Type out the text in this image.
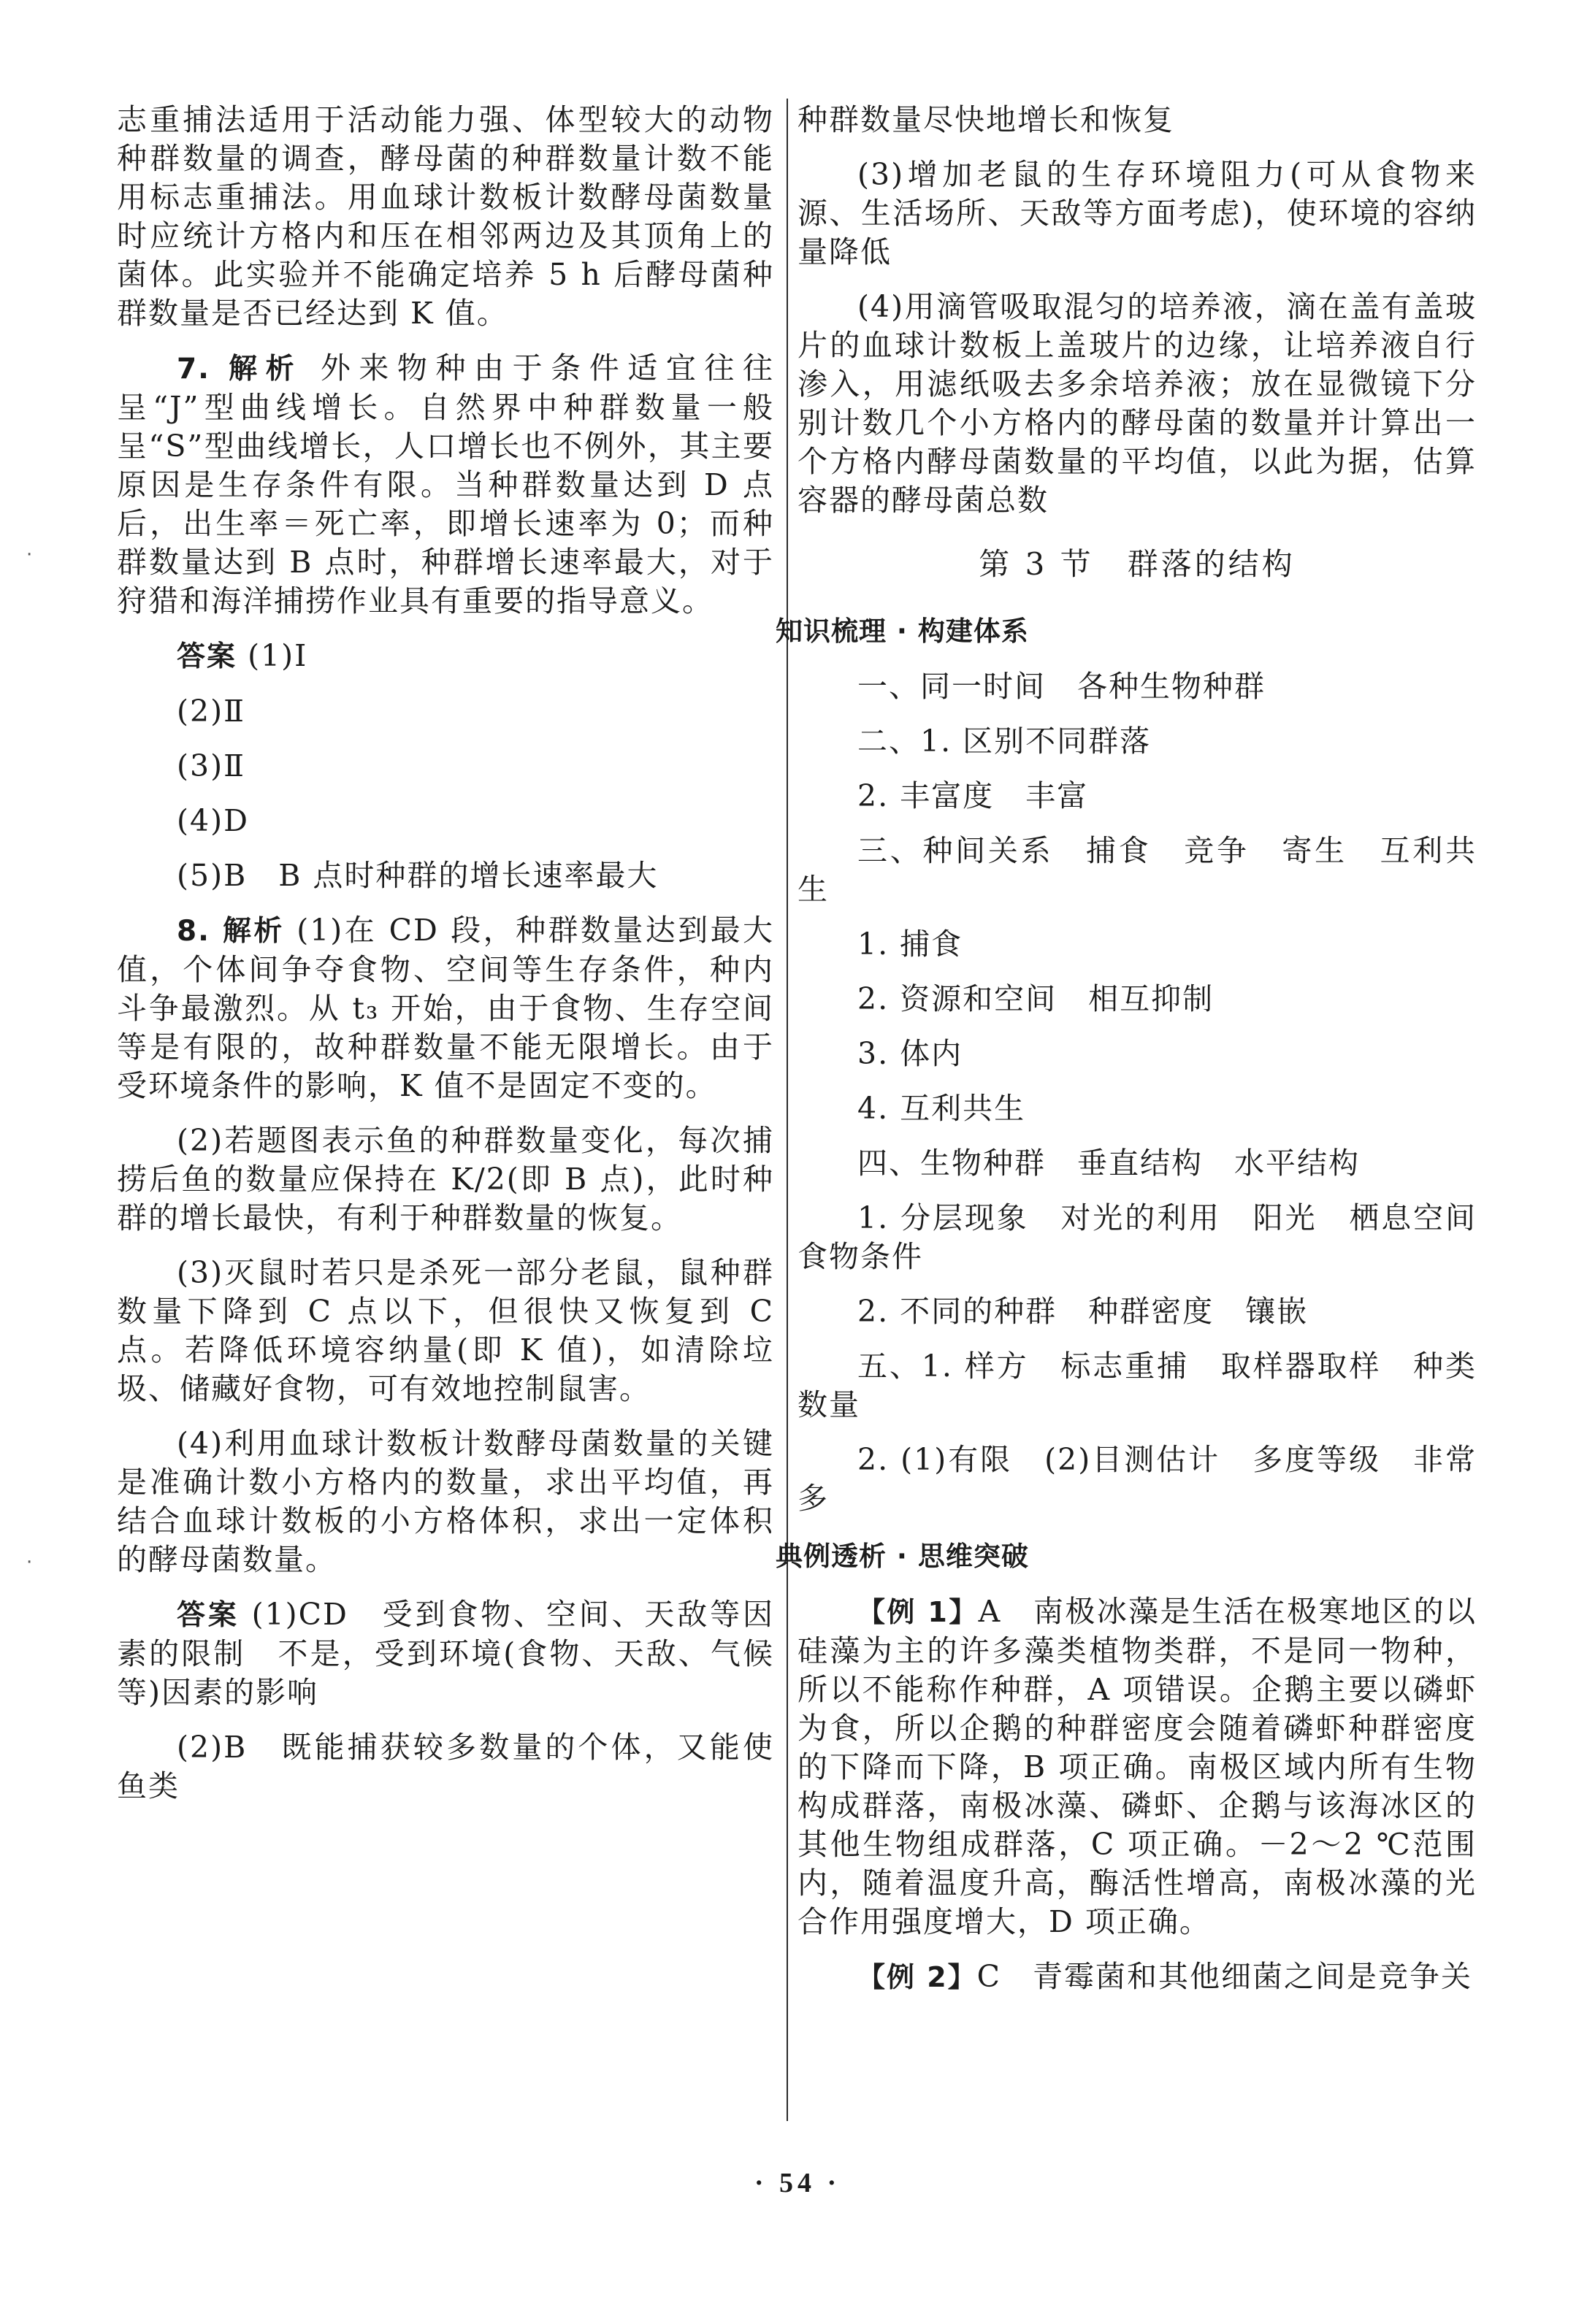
·
·

志重捕法适用于活动能力强、体型较大的动物种群数量的调查，酵母菌的种群数量计数不能用标志重捕法。用血球计数板计数酵母菌数量时应统计方格内和压在相邻两边及其顶角上的菌体。此实验并不能确定培养 5 h 后酵母菌种群数量是否已经达到 K 值。

7. 解析 外来物种由于条件适宜往往呈“J”型曲线增长。自然界中种群数量一般呈“S”型曲线增长，人口增长也不例外，其主要原因是生存条件有限。当种群数量达到 D 点后，出生率＝死亡率，即增长速率为 0；而种群数量达到 B 点时，种群增长速率最大，对于狩猎和海洋捕捞作业具有重要的指导意义。

答案 (1)Ⅰ

(2)Ⅱ

(3)Ⅱ

(4)D

(5)B　B 点时种群的增长速率最大

8. 解析 (1)在 CD 段，种群数量达到最大值，个体间争夺食物、空间等生存条件，种内斗争最激烈。从 t₃ 开始，由于食物、生存空间等是有限的，故种群数量不能无限增长。由于受环境条件的影响，K 值不是固定不变的。

(2)若题图表示鱼的种群数量变化，每次捕捞后鱼的数量应保持在 K/2(即 B 点)，此时种群的增长最快，有利于种群数量的恢复。

(3)灭鼠时若只是杀死一部分老鼠，鼠种群数量下降到 C 点以下，但很快又恢复到 C 点。若降低环境容纳量(即 K 值)，如清除垃圾、储藏好食物，可有效地控制鼠害。

(4)利用血球计数板计数酵母菌数量的关键是准确计数小方格内的数量，求出平均值，再结合血球计数板的小方格体积，求出一定体积的酵母菌数量。

答案 (1)CD　受到食物、空间、天敌等因素的限制　不是，受到环境(食物、天敌、气候等)因素的影响

(2)B　既能捕获较多数量的个体，又能使鱼类

种群数量尽快地增长和恢复

(3)增加老鼠的生存环境阻力(可从食物来源、生活场所、天敌等方面考虑)，使环境的容纳量降低

(4)用滴管吸取混匀的培养液，滴在盖有盖玻片的血球计数板上盖玻片的边缘，让培养液自行渗入，用滤纸吸去多余培养液；放在显微镜下分别计数几个小方格内的酵母菌的数量并计算出一个方格内酵母菌数量的平均值，以此为据，估算容器的酵母菌总数

第 3 节　群落的结构
知识梳理 · 构建体系

一、同一时间　各种生物种群

二、1. 区别不同群落

2. 丰富度　丰富

三、种间关系　捕食　竞争　寄生　互利共生

1. 捕食

2. 资源和空间　相互抑制

3. 体内

4. 互利共生

四、生物种群　垂直结构　水平结构

1. 分层现象　对光的利用　阳光　栖息空间　食物条件

2. 不同的种群　种群密度　镶嵌

五、1. 样方　标志重捕　取样器取样　种类数量

2. (1)有限　(2)目测估计　多度等级　非常多

典例透析 · 思维突破

【例 1】A　南极冰藻是生活在极寒地区的以硅藻为主的许多藻类植物类群，不是同一物种，所以不能称作种群，A 项错误。企鹅主要以磷虾为食，所以企鹅的种群密度会随着磷虾种群密度的下降而下降，B 项正确。南极区域内所有生物构成群落，南极冰藻、磷虾、企鹅与该海冰区的其他生物组成群落，C 项正确。－2～2 ℃范围内，随着温度升高，酶活性增高，南极冰藻的光合作用强度增大，D 项正确。

【例 2】C　青霉菌和其他细菌之间是竞争关

· 54 ·
